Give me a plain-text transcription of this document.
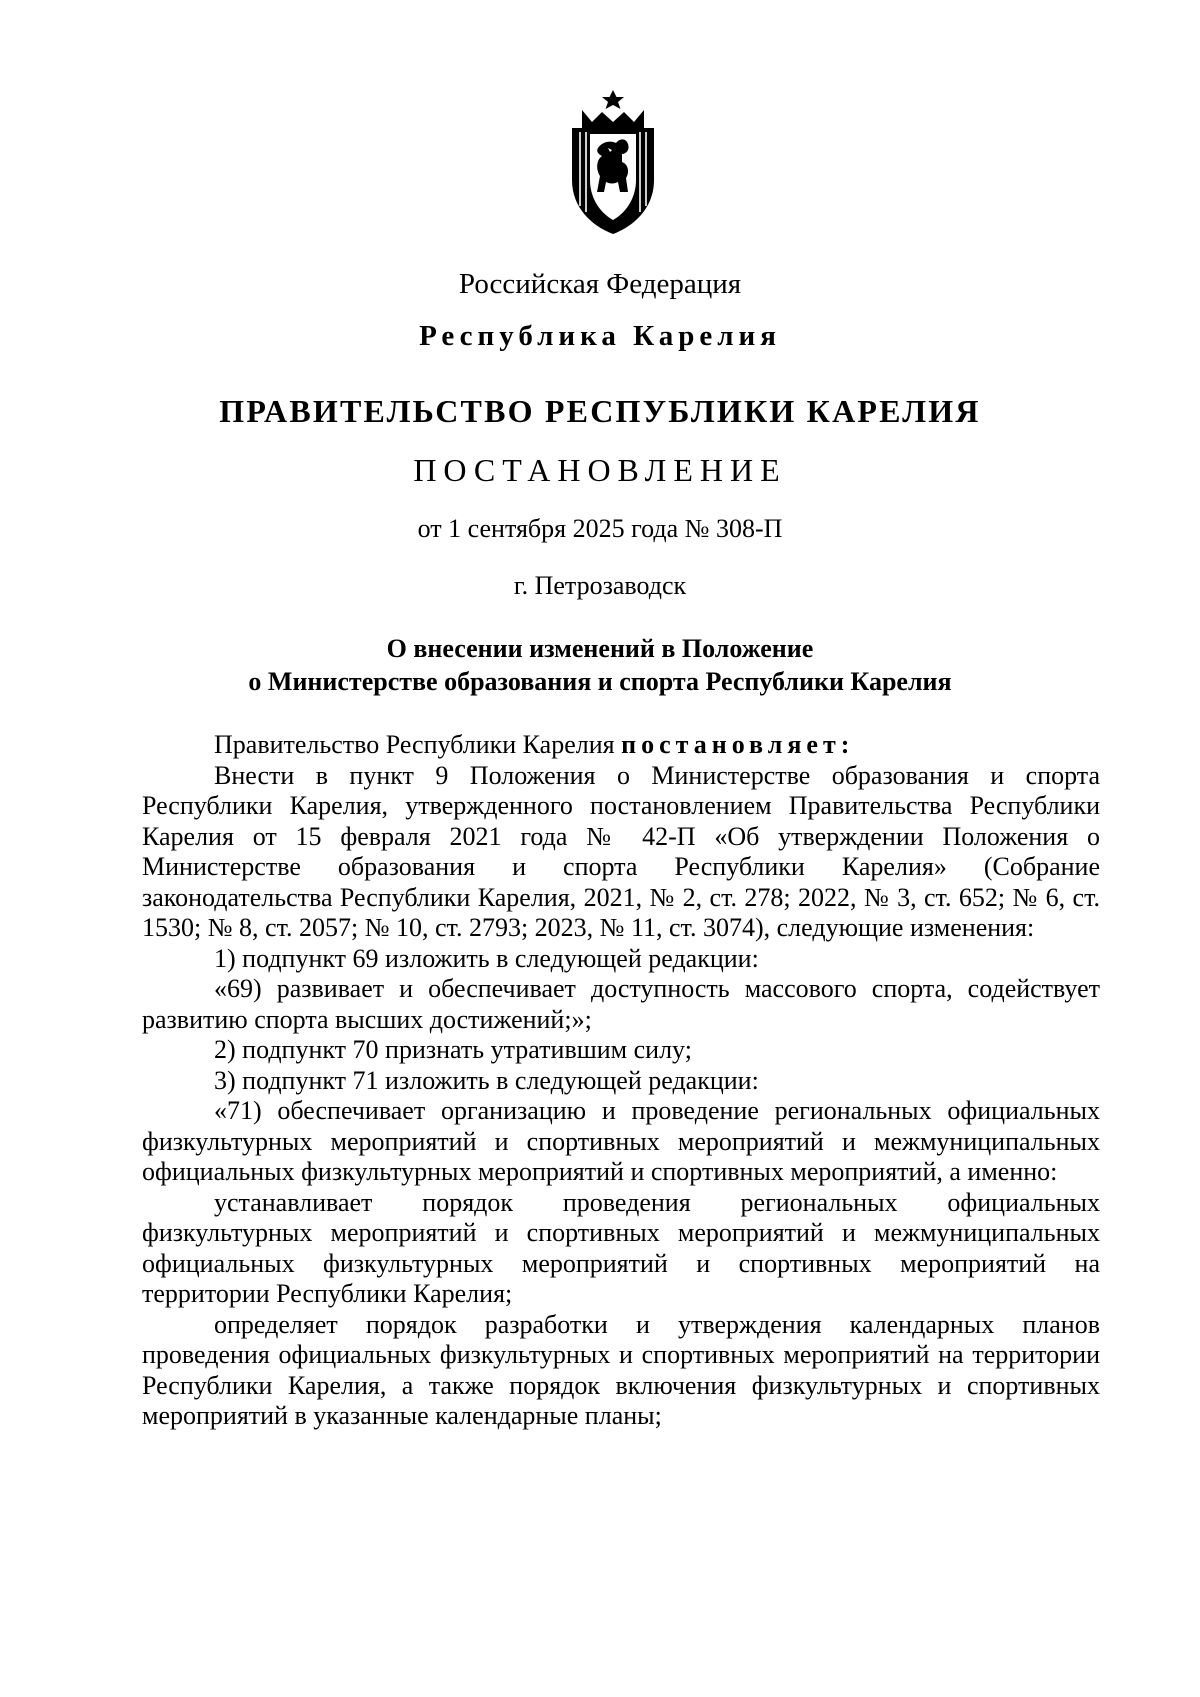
Российская Федерация
Республика Карелия
ПРАВИТЕЛЬСТВО РЕСПУБЛИКИ КАРЕЛИЯ
ПОСТАНОВЛЕНИЕ
от 1 сентября 2025 года № 308-П
г. Петрозаводск
О внесении изменений в Положение
о Министерстве образования и спорта Республики Карелия

Правительство Республики Карелия постановляет:

Внести в пункт 9 Положения о Министерстве образования и спорта Республики Карелия, утвержденного постановлением Правительства Республики Карелия от 15 февраля 2021 года № 42-П «Об утверждении Положения о Министерстве образования и спорта Республики Карелия» (Собрание законодательства Республики Карелия, 2021, № 2, ст. 278; 2022, № 3, ст. 652; № 6, ст. 1530; № 8, ст. 2057; № 10, ст. 2793; 2023, № 11, ст. 3074), следующие изменения:

1) подпункт 69 изложить в следующей редакции:

«69) развивает и обеспечивает доступность массового спорта, содействует развитию спорта высших достижений;»;

2) подпункт 70 признать утратившим силу;

3) подпункт 71 изложить в следующей редакции:

«71) обеспечивает организацию и проведение региональных официальных физкультурных мероприятий и спортивных мероприятий и межмуниципальных официальных физкультурных мероприятий и спортивных мероприятий, а именно:

устанавливает порядок проведения региональных официальных физкультурных мероприятий и спортивных мероприятий и межмуниципальных официальных физкультурных мероприятий и спортивных мероприятий на территории Республики Карелия;

определяет порядок разработки и утверждения календарных планов проведения официальных физкультурных и спортивных мероприятий на территории Республики Карелия, а также порядок включения физкультурных и спортивных мероприятий в указанные календарные планы;
